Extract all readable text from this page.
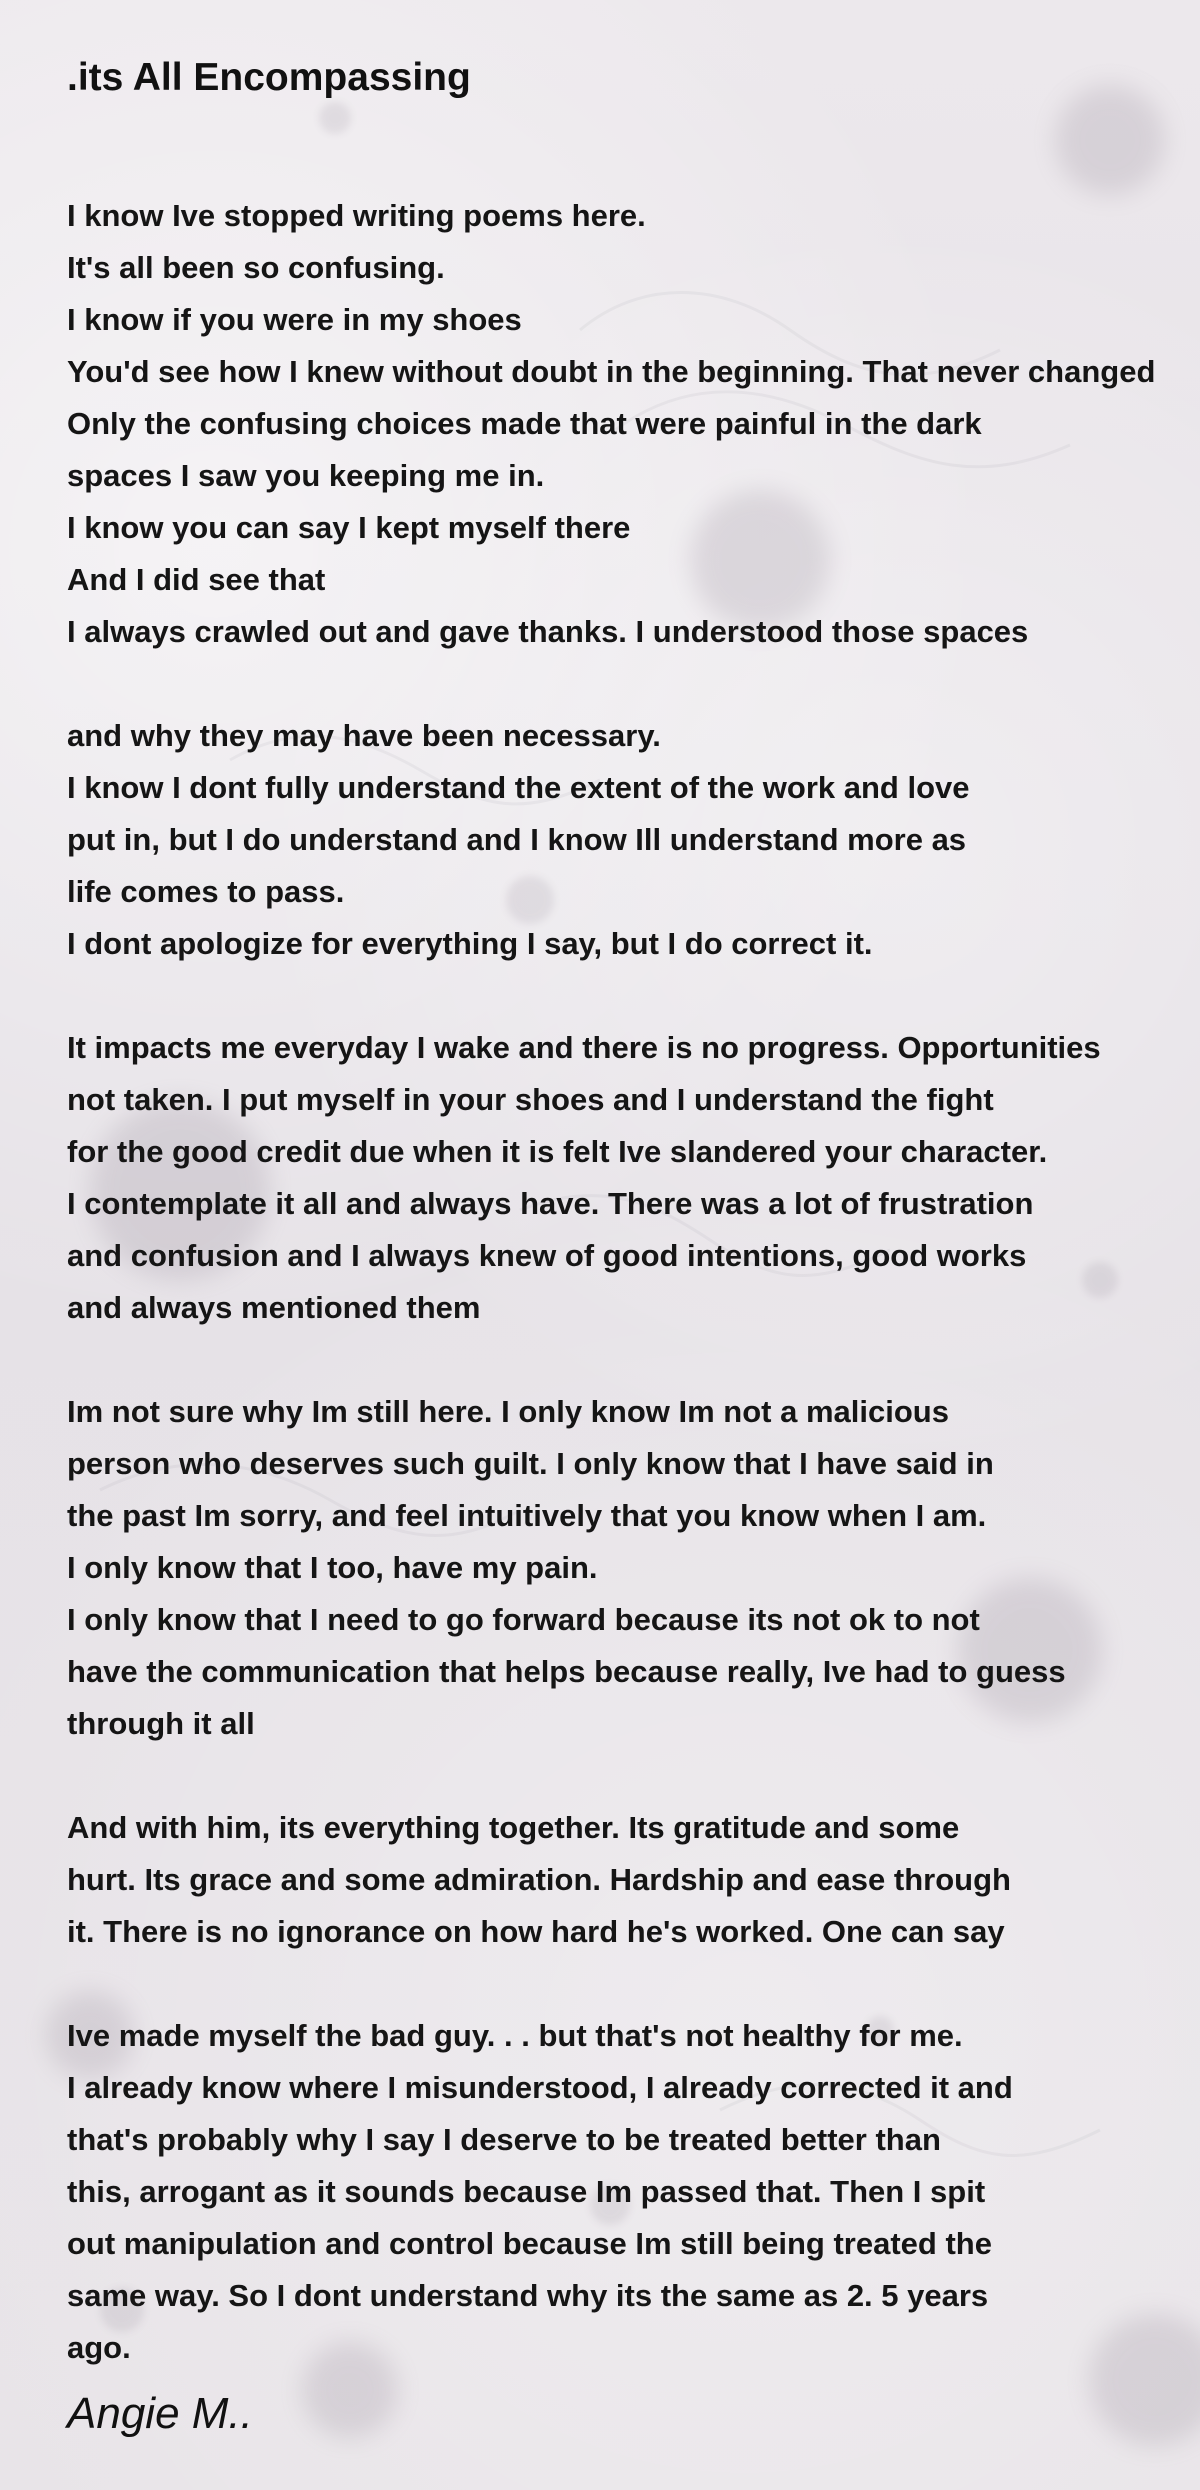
.its All Encompassing
I know Ive stopped writing poems here.
It's all been so confusing.
I know if you were in my shoes
You'd see how I knew without doubt in the beginning. That never changed
Only the confusing choices made that were painful in the dark
spaces I saw you keeping me in.
I know you can say I kept myself there
And I did see that
I always crawled out and gave thanks. I understood those spaces
and why they may have been necessary.
I know I dont fully understand the extent of the work and love
put in, but I do understand and I know Ill understand more as
life comes to pass.
I dont apologize for everything I say, but I do correct it.
It impacts me everyday I wake and there is no progress. Opportunities
not taken. I put myself in your shoes and I understand the fight
for the good credit due when it is felt Ive slandered your character.
I contemplate it all and always have. There was a lot of frustration
and confusion and I always knew of good intentions, good works
and always mentioned them
Im not sure why Im still here. I only know Im not a malicious
person who deserves such guilt. I only know that I have said in
the past Im sorry, and feel intuitively that you know when I am.
I only know that I too, have my pain.
I only know that I need to go forward because its not ok to not
have the communication that helps because really, Ive had to guess
through it all
And with him, its everything together. Its gratitude and some
hurt. Its grace and some admiration. Hardship and ease through
it. There is no ignorance on how hard he's worked. One can say
Ive made myself the bad guy. . . but that's not healthy for me.
I already know where I misunderstood, I already corrected it and
that's probably why I say I deserve to be treated better than
this, arrogant as it sounds because Im passed that. Then I spit
out manipulation and control because Im still being treated the
same way. So I dont understand why its the same as 2. 5 years
ago.
Angie M..
